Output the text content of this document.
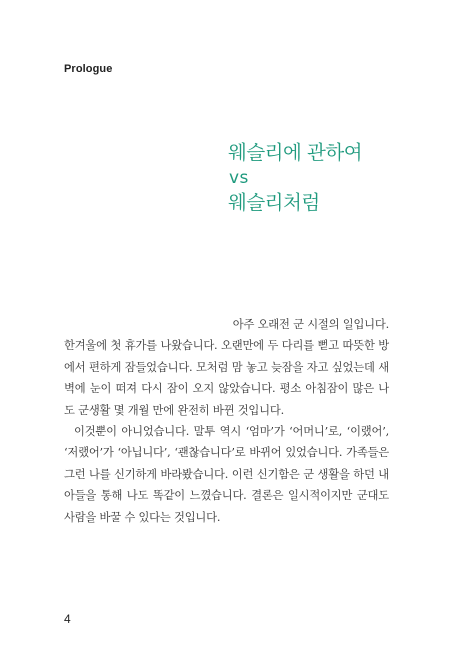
Prologue
웨슬리에 관하여
vs
웨슬리처럼
아주 오래전 군 시절의 일입니다.
한겨울에 첫 휴가를 나왔습니다. 오랜만에 두 다리를 뻗고 따뜻한 방
에서 편하게 잠들었습니다. 모처럼 맘 놓고 늦잠을 자고 싶었는데 새
벽에 눈이 떠져 다시 잠이 오지 않았습니다. 평소 아침잠이 많은 나
도 군생활 몇 개월 만에 완전히 바뀐 것입니다.
이것뿐이 아니었습니다. 말투 역시 ‘엄마’가 ‘어머니’로, ‘이랬어’,
‘저랬어’가 ‘아닙니다’, ‘괜찮습니다’로 바뀌어 있었습니다. 가족들은
그런 나를 신기하게 바라봤습니다. 이런 신기함은 군 생활을 하던 내
아들을 통해 나도 똑같이 느꼈습니다. 결론은 일시적이지만 군대도
사람을 바꿀 수 있다는 것입니다.
4
